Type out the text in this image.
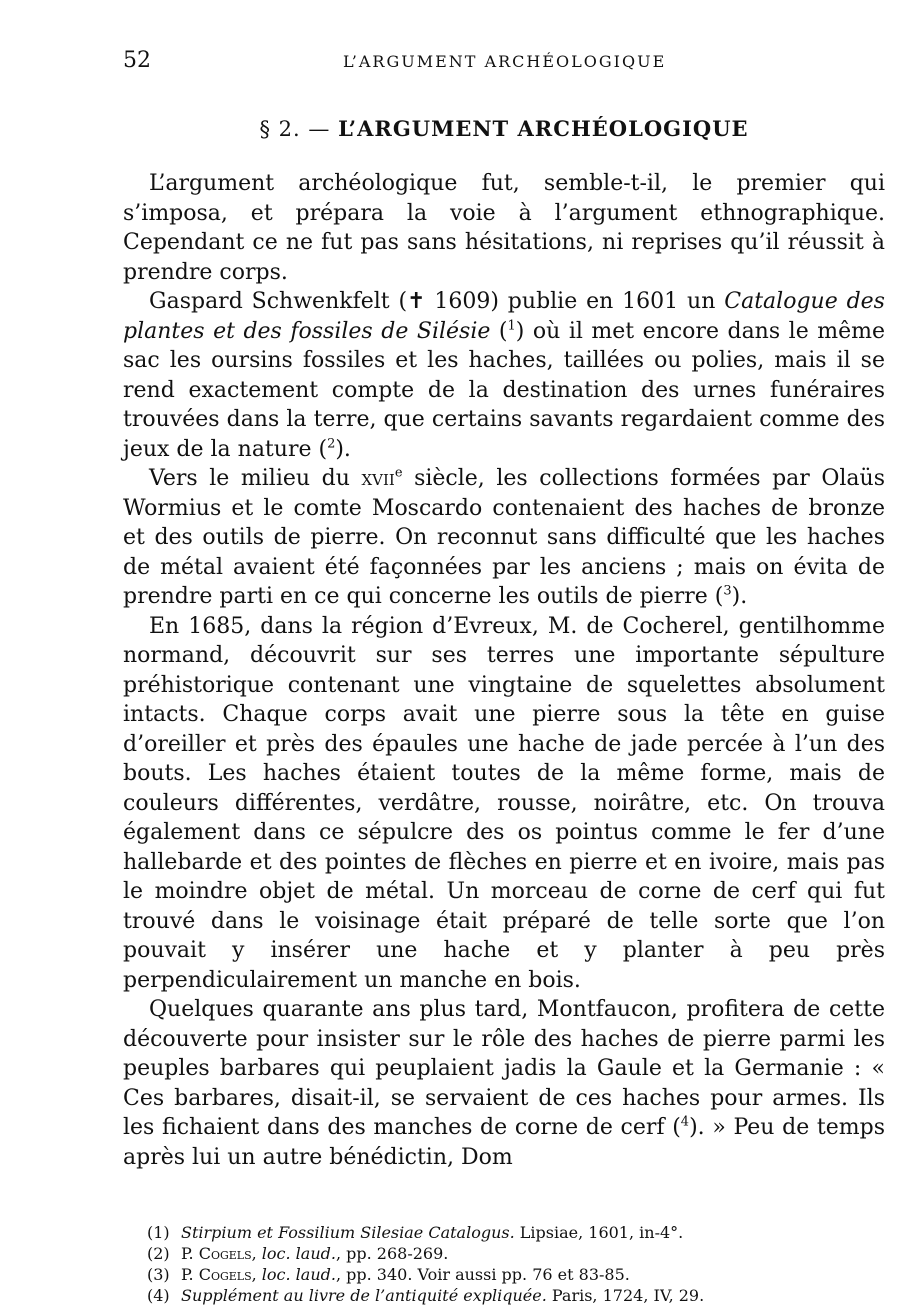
52	L’ARGUMENT ARCHÉOLOGIQUE
§ 2. — L’ARGUMENT ARCHÉOLOGIQUE

L’argument archéologique fut, semble-t-il, le premier qui s’imposa, et prépara la voie à l’argument ethnographique. Cependant ce ne fut pas sans hésitations, ni reprises qu’il réussit à prendre corps.

Gaspard Schwenkfelt (✝ 1609) publie en 1601 un Catalogue des plantes et des fossiles de Silésie ($^1$) où il met encore dans le même sac les oursins fossiles et les haches, taillées ou polies, mais il se rend exactement compte de la destination des urnes funéraires trouvées dans la terre, que certains savants regardaient comme des jeux de la nature ($^2$).

Vers le milieu du xvii$^e$ siècle, les collections formées par Olaüs Wormius et le comte Moscardo contenaient des haches de bronze et des outils de pierre. On reconnut sans difficulté que les haches de métal avaient été façonnées par les anciens ; mais on évita de prendre parti en ce qui concerne les outils de pierre ($^3$).

En 1685, dans la région d’Evreux, M. de Cocherel, gentilhomme normand, découvrit sur ses terres une importante sépulture préhistorique contenant une vingtaine de squelettes absolument intacts. Chaque corps avait une pierre sous la tête en guise d’oreiller et près des épaules une hache de jade percée à l’un des bouts. Les haches étaient toutes de la même forme, mais de couleurs différentes, verdâtre, rousse, noirâtre, etc. On trouva également dans ce sépulcre des os pointus comme le fer d’une hallebarde et des pointes de flèches en pierre et en ivoire, mais pas le moindre objet de métal. Un morceau de corne de cerf qui fut trouvé dans le voisinage était préparé de telle sorte que l’on pouvait y insérer une hache et y planter à peu près perpendiculairement un manche en bois.

Quelques quarante ans plus tard, Montfaucon, profitera de cette découverte pour insister sur le rôle des haches de pierre parmi les peuples barbares qui peuplaient jadis la Gaule et la Germanie : « Ces barbares, disait-il, se servaient de ces haches pour armes. Ils les fichaient dans des manches de corne de cerf ($^4$). » Peu de temps après lui un autre bénédictin, Dom

(1) Stirpium et Fossilium Silesiae Catalogus. Lipsiae, 1601, in-4°.

(2) P. Cogels, loc. laud., pp. 268-269.

(3) P. Cogels, loc. laud., pp. 340. Voir aussi pp. 76 et 83-85.

(4) Supplément au livre de l’antiquité expliquée. Paris, 1724, IV, 29.
